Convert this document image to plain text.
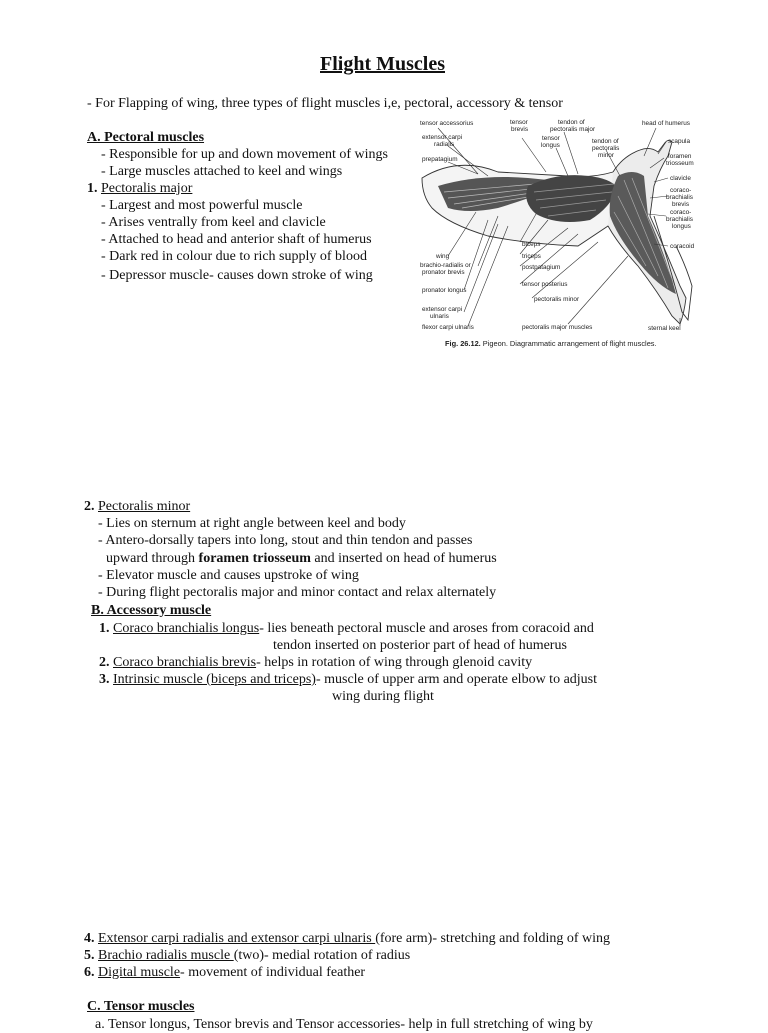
Flight Muscles
- For Flapping of wing, three types of flight muscles i,e, pectoral, accessory & tensor
A. Pectoral muscles
- Responsible for up and down movement of wings
- Large muscles attached to keel and wings
1. Pectoralis major
- Largest and most powerful muscle
- Arises ventrally from keel and clavicle
- Attached to head and anterior shaft of humerus
- Dark red in colour due to rich supply of blood
- Depressor muscle- causes down stroke of wing
tensor accessorius	tensor
brevis
tendon of
pectoralis major
head of humerus
extensor carpi
radialis
tensor
longus
tendon of
pectoralis
minor
scapula
prepatagium	foramen
triosseum
clavicle
coraco-
brachialis
brevis
coraco-
brachialis
longus
coracoid
biceps
triceps
wing
brachio-radialis or
pronator brevis
postpatagium
pronator longus
tensor posterius
pectoralis minor
extensor carpi
ulnaris
flexor carpi ulnaris	pectoralis major muscles	sternal keel
Fig. 26.12. Pigeon. Diagrammatic arrangement of flight muscles.
2. Pectoralis minor
- Lies on sternum at right angle between keel and body
- Antero-dorsally tapers into long, stout and thin tendon and passes
upward through foramen triosseum and inserted on head of humerus
- Elevator muscle and causes upstroke of wing
- During flight pectoralis major and minor contact and relax alternately
B. Accessory muscle
1. Coraco branchialis longus- lies beneath pectoral muscle and aroses from coracoid and
tendon inserted on posterior part of head of humerus
2. Coraco branchialis brevis- helps in rotation of wing through glenoid cavity
3. Intrinsic muscle (biceps and triceps)- muscle of upper arm and operate elbow to adjust
wing during flight
4. Extensor carpi radialis and extensor carpi ulnaris (fore arm)- stretching and folding of wing
5. Brachio radialis muscle (two)- medial rotation of radius
6. Digital muscle- movement of individual feather
C. Tensor muscles
a. Tensor longus, Tensor brevis and Tensor accessories- help in full stretching of wing by
